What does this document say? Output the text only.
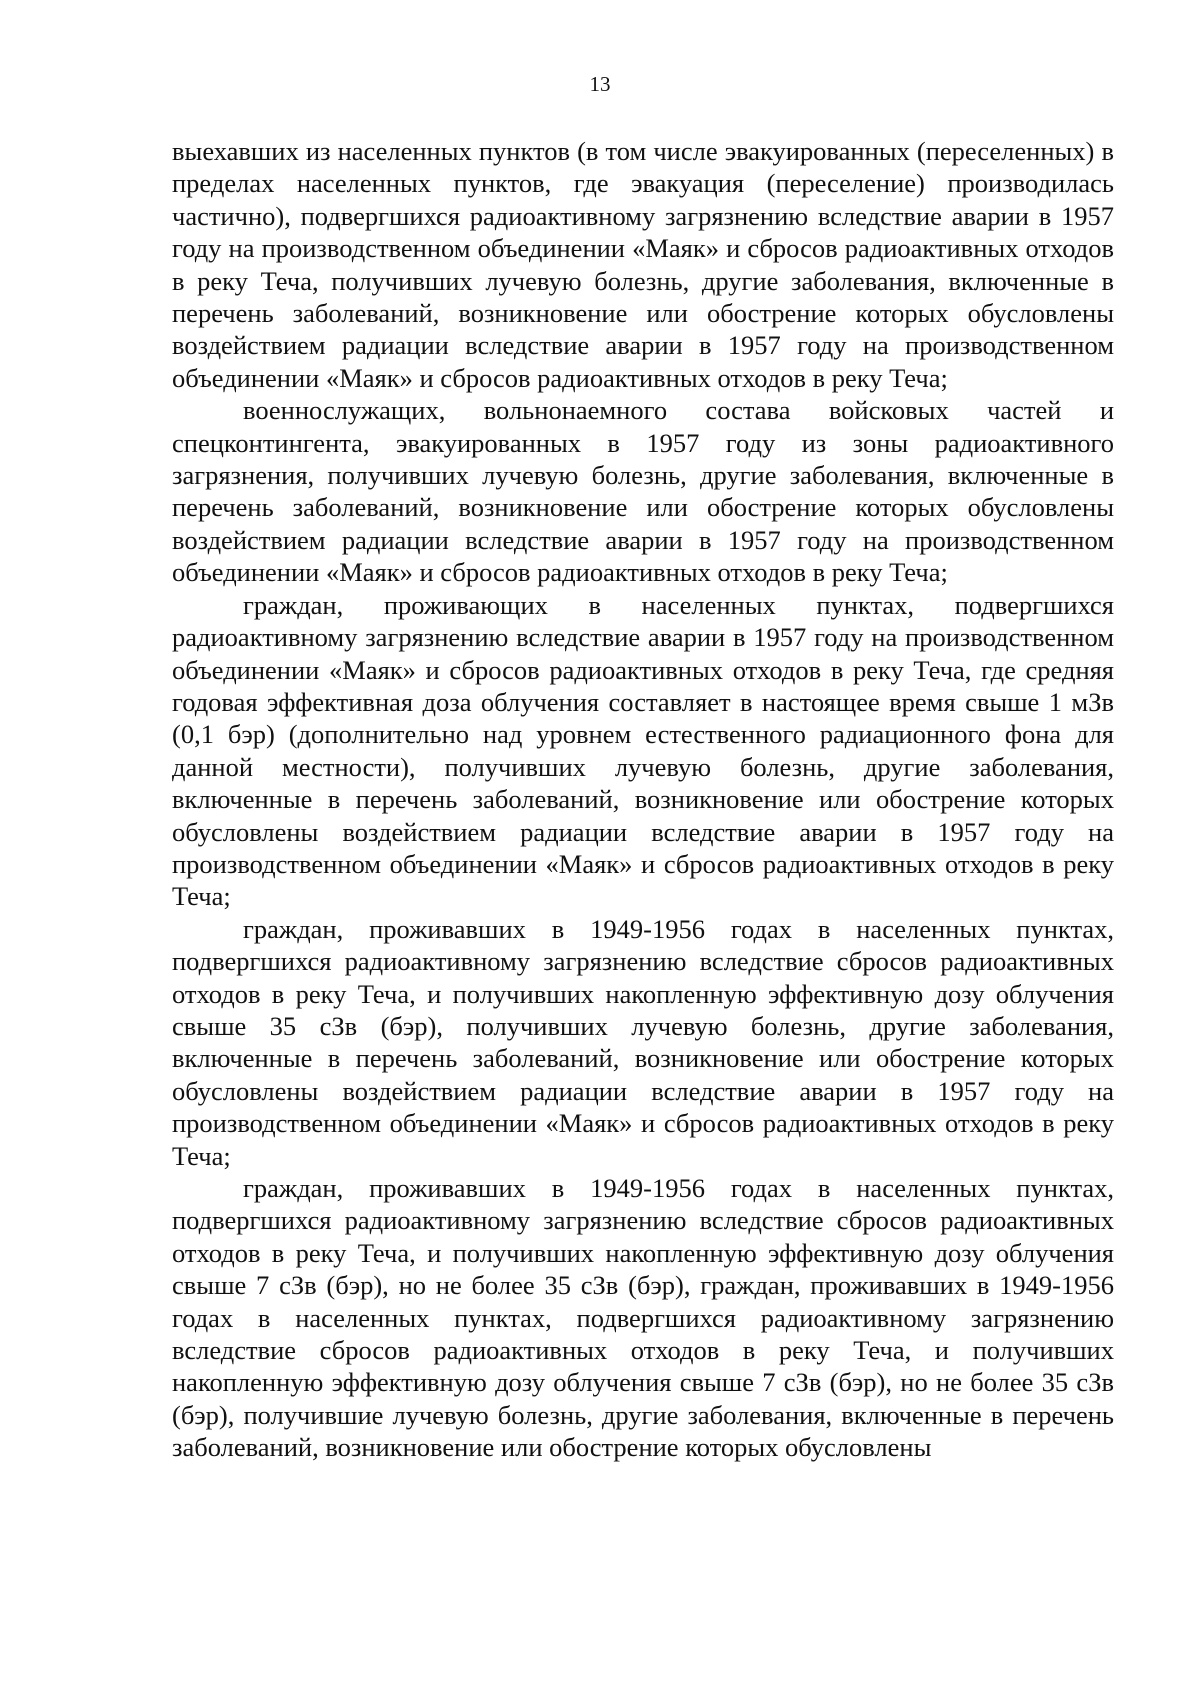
13

выехавших из населенных пунктов (в том числе эвакуированных (переселенных) в пределах населенных пунктов, где эвакуация (переселение) производилась частично), подвергшихся радиоактивному загрязнению вследствие аварии в 1957 году на производственном объединении «Маяк» и сбросов радиоактивных отходов в реку Теча, получивших лучевую болезнь, другие заболевания, включенные в перечень заболеваний, возникновение или обострение которых обусловлены воздействием радиации вследствие аварии в 1957 году на производственном объединении «Маяк» и сбросов радиоактивных отходов в реку Теча;

военнослужащих, вольнонаемного состава войсковых частей и спецконтингента, эвакуированных в 1957 году из зоны радиоактивного загрязнения, получивших лучевую болезнь, другие заболевания, включенные в перечень заболеваний, возникновение или обострение которых обусловлены воздействием радиации вследствие аварии в 1957 году на производственном объединении «Маяк» и сбросов радиоактивных отходов в реку Теча;

граждан, проживающих в населенных пунктах, подвергшихся радиоактивному загрязнению вследствие аварии в 1957 году на производственном объединении «Маяк» и сбросов радиоактивных отходов в реку Теча, где средняя годовая эффективная доза облучения составляет в настоящее время свыше 1 мЗв (0,1 бэр) (дополнительно над уровнем естественного радиационного фона для данной местности), получивших лучевую болезнь, другие заболевания, включенные в перечень заболеваний, возникновение или обострение которых обусловлены воздействием радиации вследствие аварии в 1957 году на производственном объединении «Маяк» и сбросов радиоактивных отходов в реку Теча;

граждан, проживавших в 1949-1956 годах в населенных пунктах, подвергшихся радиоактивному загрязнению вследствие сбросов радиоактивных отходов в реку Теча, и получивших накопленную эффективную дозу облучения свыше 35 сЗв (бэр), получивших лучевую болезнь, другие заболевания, включенные в перечень заболеваний, возникновение или обострение которых обусловлены воздействием радиации вследствие аварии в 1957 году на производственном объединении «Маяк» и сбросов радиоактивных отходов в реку Теча;

граждан, проживавших в 1949-1956 годах в населенных пунктах, подвергшихся радиоактивному загрязнению вследствие сбросов радиоактивных отходов в реку Теча, и получивших накопленную эффективную дозу облучения свыше 7 сЗв (бэр), но не более 35 сЗв (бэр), граждан, проживавших в 1949-1956 годах в населенных пунктах, подвергшихся радиоактивному загрязнению вследствие сбросов радиоактивных отходов в реку Теча, и получивших накопленную эффективную дозу облучения свыше 7 сЗв (бэр), но не более 35 сЗв (бэр), получившие лучевую болезнь, другие заболевания, включенные в перечень заболеваний, возникновение или обострение которых обусловлены
